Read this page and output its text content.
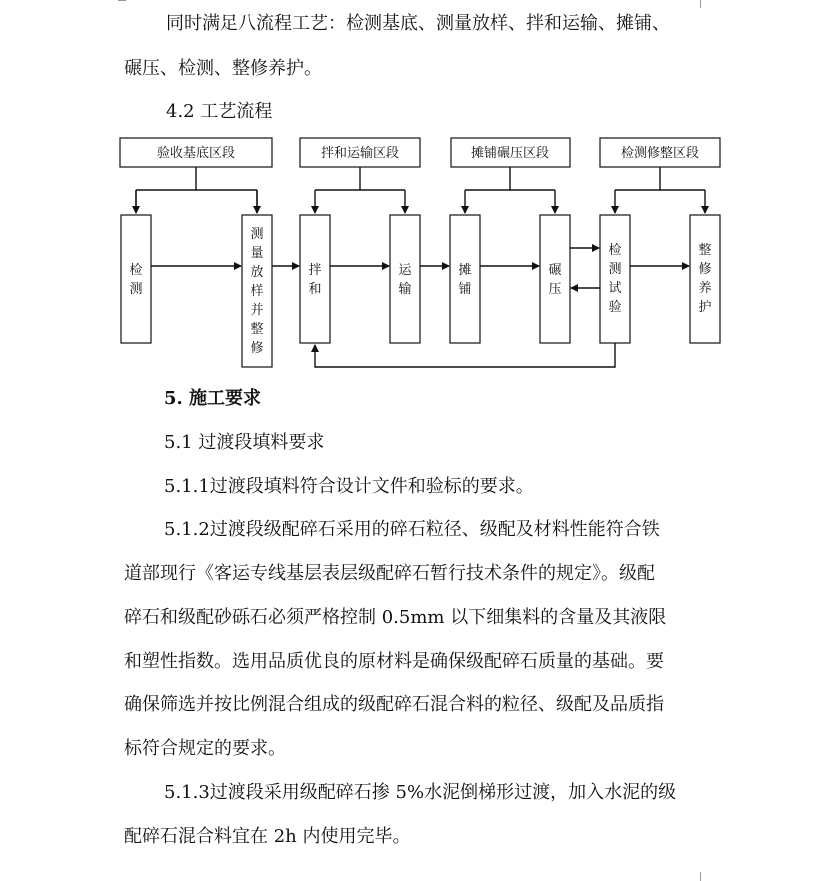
同时满足八流程工艺：检测基底、测量放样、拌和运输、摊铺、
碾压、检测、整修养护。
4.2 工艺流程
验收基底区段	拌和运输区段	摊铺碾压区段	检测修整区段
检测
测量放样并整修
拌和
运输
摊铺
碾压
检测试验
整修养护
5. 施工要求
5.1 过渡段填料要求
5.1.1过渡段填料符合设计文件和验标的要求。
5.1.2过渡段级配碎石采用的碎石粒径、级配及材料性能符合铁
道部现行《客运专线基层表层级配碎石暂行技术条件的规定》。级配
碎石和级配砂砾石必须严格控制 0.5mm 以下细集料的含量及其液限
和塑性指数。选用品质优良的原材料是确保级配碎石质量的基础。要
确保筛选并按比例混合组成的级配碎石混合料的粒径、级配及品质指
标符合规定的要求。
5.1.3过渡段采用级配碎石掺 5%水泥倒梯形过渡，加入水泥的级
配碎石混合料宜在 2h 内使用完毕。
